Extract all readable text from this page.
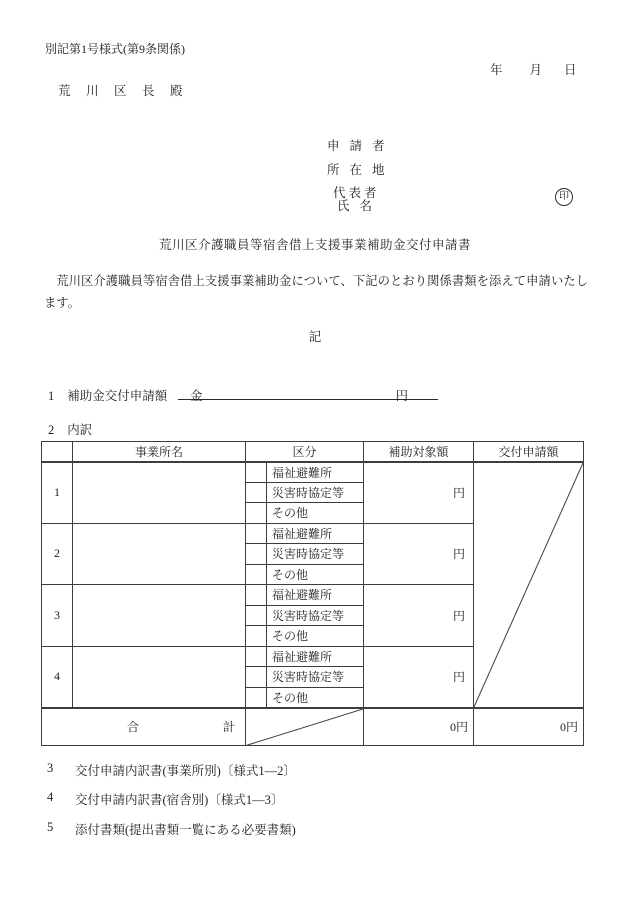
別記第1号様式(第9条関係)
年 月 日
荒川区長殿
申請者
所在地
代表者
氏名
印
荒川区介護職員等宿舎借上支援事業補助金交付申請書
荒川区介護職員等宿舎借上支援事業補助金について、下記のとおり関係書類を添えて申請いたします。
記
1 補助金交付申請額 金	円
2 内訳
	事業所名	区分		補助対象額	交付申請額
1			福祉避難所	円	

			災害時協定等		
			その他		
2			福祉避難所	円	
			災害時協定等		
			その他		
3			福祉避難所	円	
			災害時協定等		
			その他		
4			福祉避難所	円	
			災害時協定等		
			その他		

合 計				0円	0円
3	交付申請内訳書(事業所別)〔様式1―2〕
4	交付申請内訳書(宿舎別)〔様式1―3〕
5	添付書類(提出書類一覧にある必要書類)
